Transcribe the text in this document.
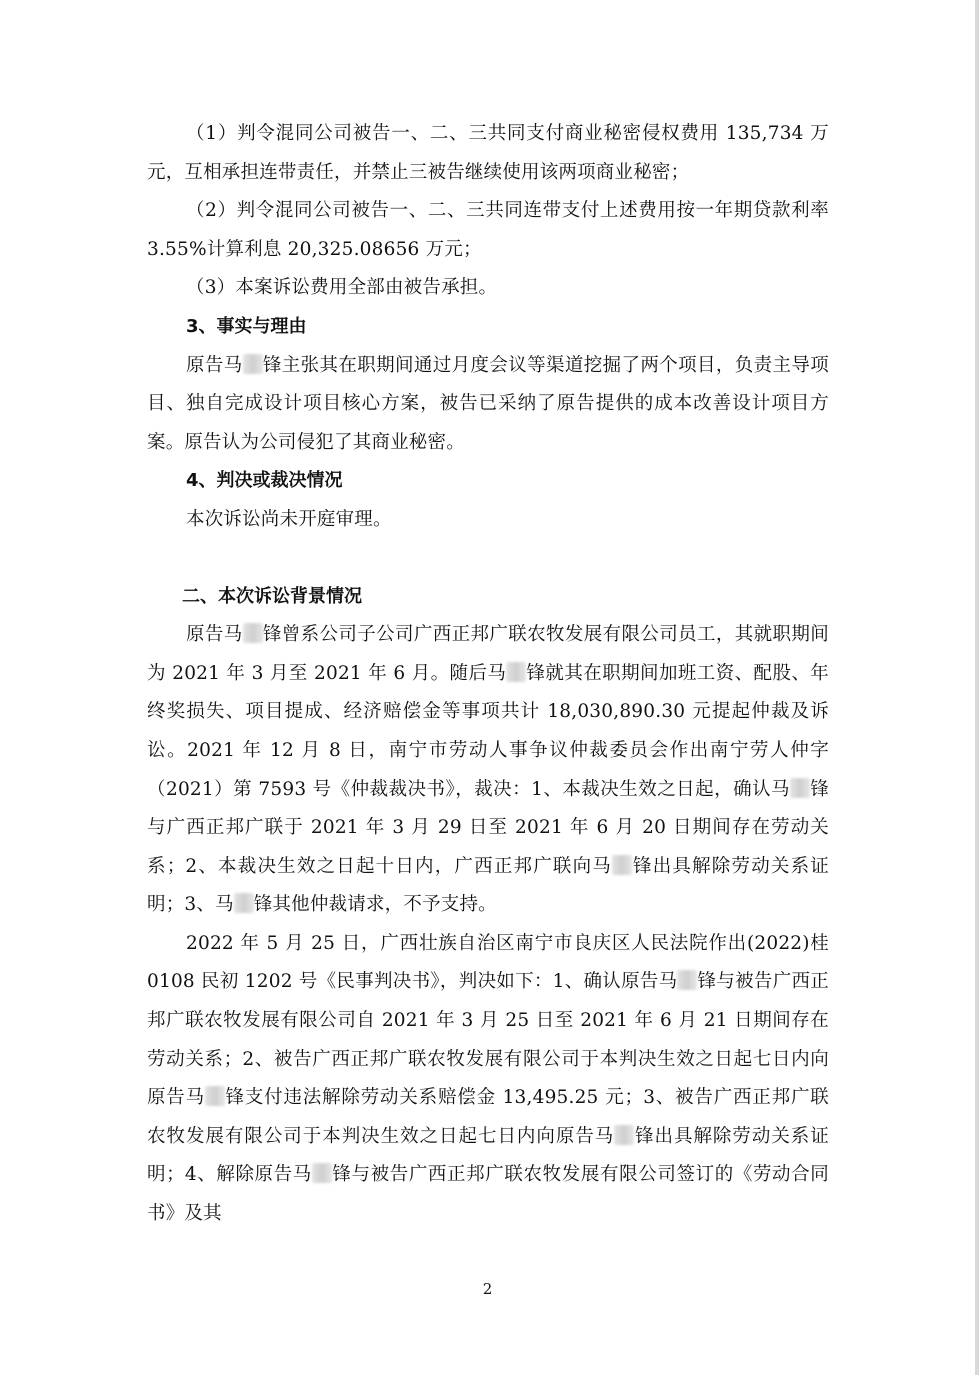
（1）判令混同公司被告一、二、三共同支付商业秘密侵权费用 135,734 万元，互相承担连带责任，并禁止三被告继续使用该两项商业秘密；

（2）判令混同公司被告一、二、三共同连带支付上述费用按一年期贷款利率 3.55%计算利息 20,325.08656 万元；

（3）本案诉讼费用全部由被告承担。

3、事实与理由

原告马 锋主张其在职期间通过月度会议等渠道挖掘了两个项目，负责主导项目、独自完成设计项目核心方案，被告已采纳了原告提供的成本改善设计项目方案。原告认为公司侵犯了其商业秘密。

4、判决或裁决情况

本次诉讼尚未开庭审理。

二、本次诉讼背景情况

原告马 锋曾系公司子公司广西正邦广联农牧发展有限公司员工，其就职期间为 2021 年 3 月至 2021 年 6 月。随后马 锋就其在职期间加班工资、配股、年终奖损失、项目提成、经济赔偿金等事项共计 18,030,890.30 元提起仲裁及诉讼。2021 年 12 月 8 日，南宁市劳动人事争议仲裁委员会作出南宁劳人仲字（2021）第 7593 号《仲裁裁决书》，裁决：1、本裁决生效之日起，确认马 锋与广西正邦广联于 2021 年 3 月 29 日至 2021 年 6 月 20 日期间存在劳动关系；2、本裁决生效之日起十日内，广西正邦广联向马 锋出具解除劳动关系证明；3、马 锋其他仲裁请求，不予支持。

2022 年 5 月 25 日，广西壮族自治区南宁市良庆区人民法院作出(2022)桂 0108 民初 1202 号《民事判决书》，判决如下：1、确认原告马 锋与被告广西正邦广联农牧发展有限公司自 2021 年 3 月 25 日至 2021 年 6 月 21 日期间存在劳动关系；2、被告广西正邦广联农牧发展有限公司于本判决生效之日起七日内向原告马 锋支付违法解除劳动关系赔偿金 13,495.25 元；3、被告广西正邦广联农牧发展有限公司于本判决生效之日起七日内向原告马 锋出具解除劳动关系证明；4、解除原告马 锋与被告广西正邦广联农牧发展有限公司签订的《劳动合同书》及其

2
